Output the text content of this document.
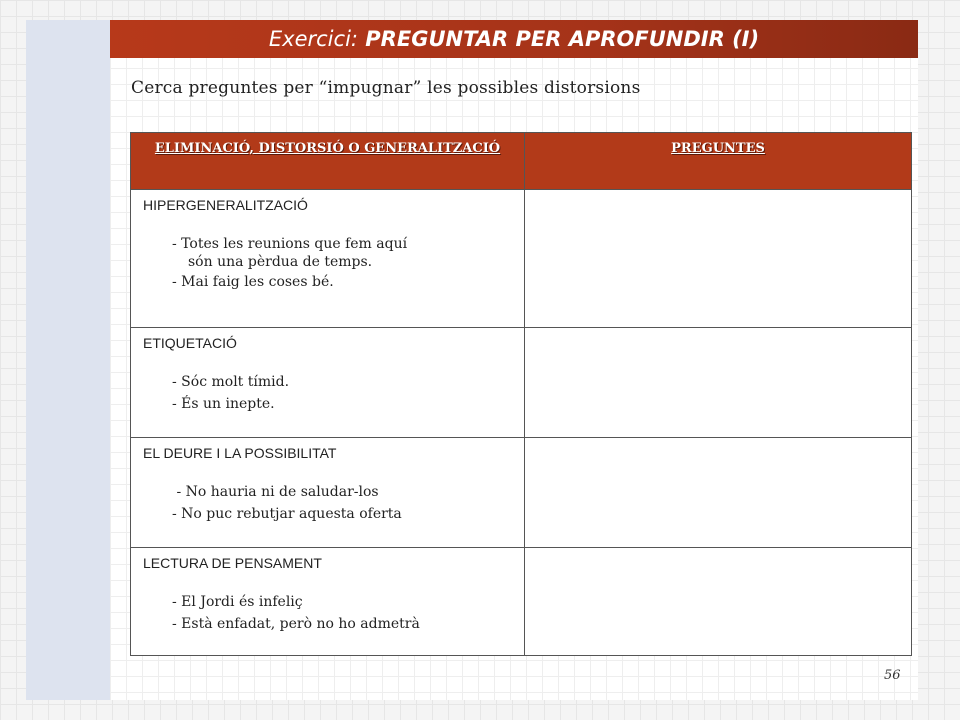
Exercici: PREGUNTAR PER APROFUNDIR (I)
Cerca preguntes per “impugnar” les possibles distorsions
ELIMINACIÓ, DISTORSIÓ O GENERALITZACIÓ	PREGUNTES

HIPERGENERALITZACIÓ
- Totes les reunions que fem aquí
són una pèrdua de temps.
- Mai faig les coses bé.	

ETIQUETACIÓ
- Sóc molt tímid.
- És un inepte.	

EL DEURE I LA POSSIBILITAT
- No hauria ni de saludar-los
- No puc rebutjar aquesta oferta	

LECTURA DE PENSAMENT
- El Jordi és infeliç
- Està enfadat, però no ho admetrà	

56
